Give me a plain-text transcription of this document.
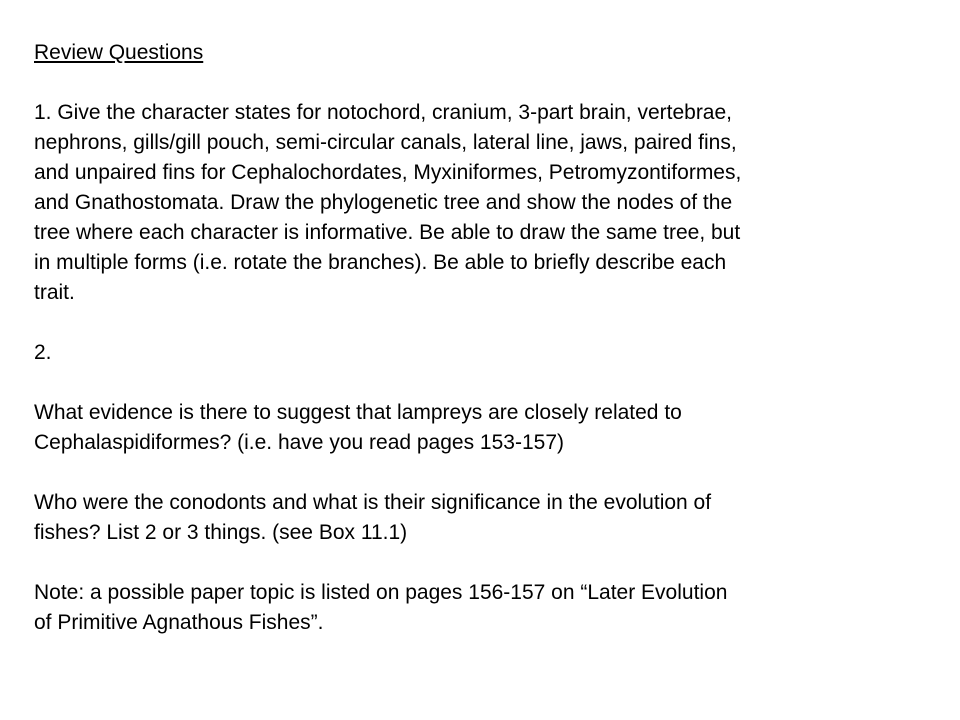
Review Questions
1. Give the character states for notochord, cranium, 3-part brain, vertebrae,
nephrons, gills/gill pouch, semi-circular canals, lateral line, jaws, paired fins,
and unpaired fins for Cephalochordates, Myxiniformes, Petromyzontiformes,
and Gnathostomata. Draw the phylogenetic tree and show the nodes of the
tree where each character is informative. Be able to draw the same tree, but
in multiple forms (i.e. rotate the branches). Be able to briefly describe each
trait.
2.
What evidence is there to suggest that lampreys are closely related to
Cephalaspidiformes? (i.e. have you read pages 153-157)
Who were the conodonts and what is their significance in the evolution of
fishes? List 2 or 3 things. (see Box 11.1)
Note: a possible paper topic is listed on pages 156-157 on “Later Evolution
of Primitive Agnathous Fishes”.
